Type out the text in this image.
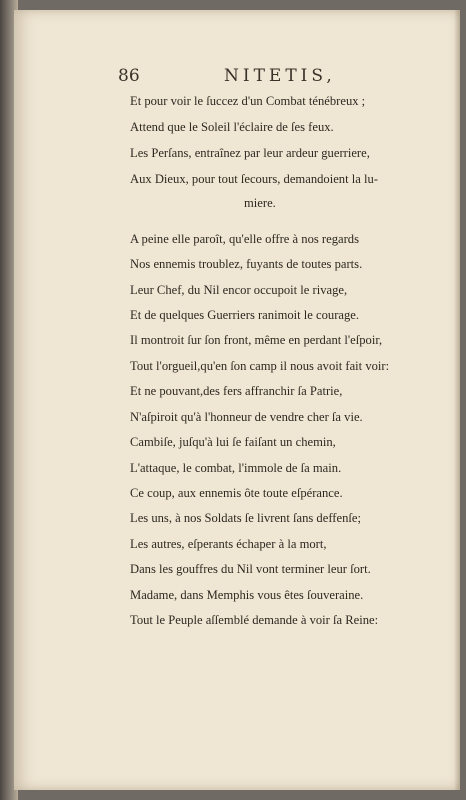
86	NITETIS,
Et pour voir le ſuccez d'un Combat ténébreux ;
Attend que le Soleil l'éclaire de ſes feux.
Les Perſans, entraînez par leur ardeur guerriere,
Aux Dieux, pour tout ſecours, demandoient la lu-
miere.
A peine elle paroît, qu'elle offre à nos regards
Nos ennemis troublez, fuyants de toutes parts.
Leur Chef, du Nil encor occupoit le rivage,
Et de quelques Guerriers ranimoit le courage.
Il montroit ſur ſon front, même en perdant l'eſpoir,
Tout l'orgueil,qu'en ſon camp il nous avoit fait voir:
Et ne pouvant,des fers affranchir ſa Patrie,
N'aſpiroit qu'à l'honneur de vendre cher ſa vie.
Cambiſe, juſqu'à lui ſe faiſant un chemin,
L'attaque, le combat, l'immole de ſa main.
Ce coup, aux ennemis ôte toute eſpérance.
Les uns, à nos Soldats ſe livrent ſans deffenſe;
Les autres, eſperants échaper à la mort,
Dans les gouffres du Nil vont terminer leur ſort.
Madame, dans Memphis vous êtes ſouveraine.
Tout le Peuple aſſemblé demande à voir ſa Reine:
